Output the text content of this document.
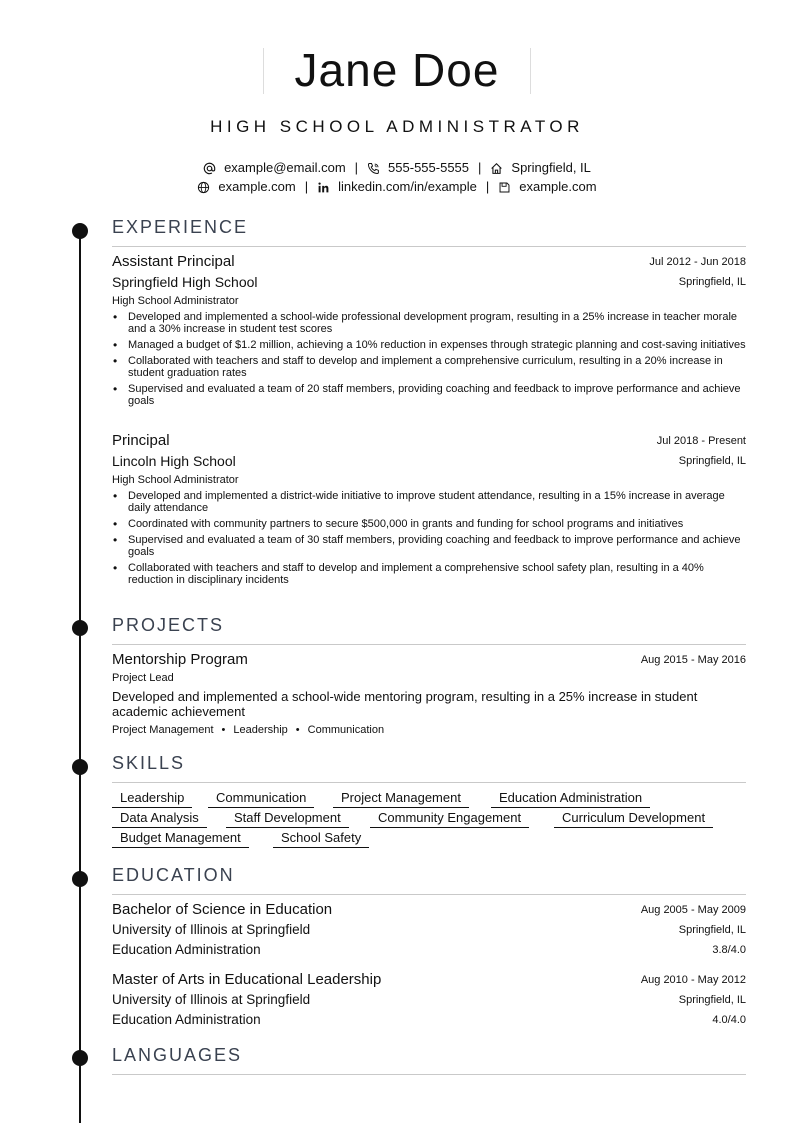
Jane Doe
HIGH SCHOOL ADMINISTRATOR
example@email.com | 555-555-5555 | Springfield, IL
example.com | linkedin.com/in/example | example.com
EXPERIENCE
Assistant Principal	Jul 2012 - Jun 2018
Springfield High School	Springfield, IL
High School Administrator
• Developed and implemented a school-wide professional development program, resulting in a 25% increase in teacher morale and a 30% increase in student test scores
• Managed a budget of $1.2 million, achieving a 10% reduction in expenses through strategic planning and cost-saving initiatives
• Collaborated with teachers and staff to develop and implement a comprehensive curriculum, resulting in a 20% increase in student graduation rates
• Supervised and evaluated a team of 20 staff members, providing coaching and feedback to improve performance and achieve goals
Principal	Jul 2018 - Present
Lincoln High School	Springfield, IL
High School Administrator
• Developed and implemented a district-wide initiative to improve student attendance, resulting in a 15% increase in average daily attendance
• Coordinated with community partners to secure $500,000 in grants and funding for school programs and initiatives
• Supervised and evaluated a team of 30 staff members, providing coaching and feedback to improve performance and achieve goals
• Collaborated with teachers and staff to develop and implement a comprehensive school safety plan, resulting in a 40% reduction in disciplinary incidents
PROJECTS
Mentorship Program	Aug 2015 - May 2016
Project Lead
Developed and implemented a school-wide mentoring program, resulting in a 25% increase in student academic achievement
Project Management • Leadership • Communication
SKILLS
Leadership	Communication	Project Management	Education Administration
Data Analysis	Staff Development	Community Engagement	Curriculum Development
Budget Management	School Safety
EDUCATION
Bachelor of Science in Education	Aug 2005 - May 2009
University of Illinois at Springfield	Springfield, IL
Education Administration	3.8/4.0
Master of Arts in Educational Leadership	Aug 2010 - May 2012
University of Illinois at Springfield	Springfield, IL
Education Administration	4.0/4.0
LANGUAGES
